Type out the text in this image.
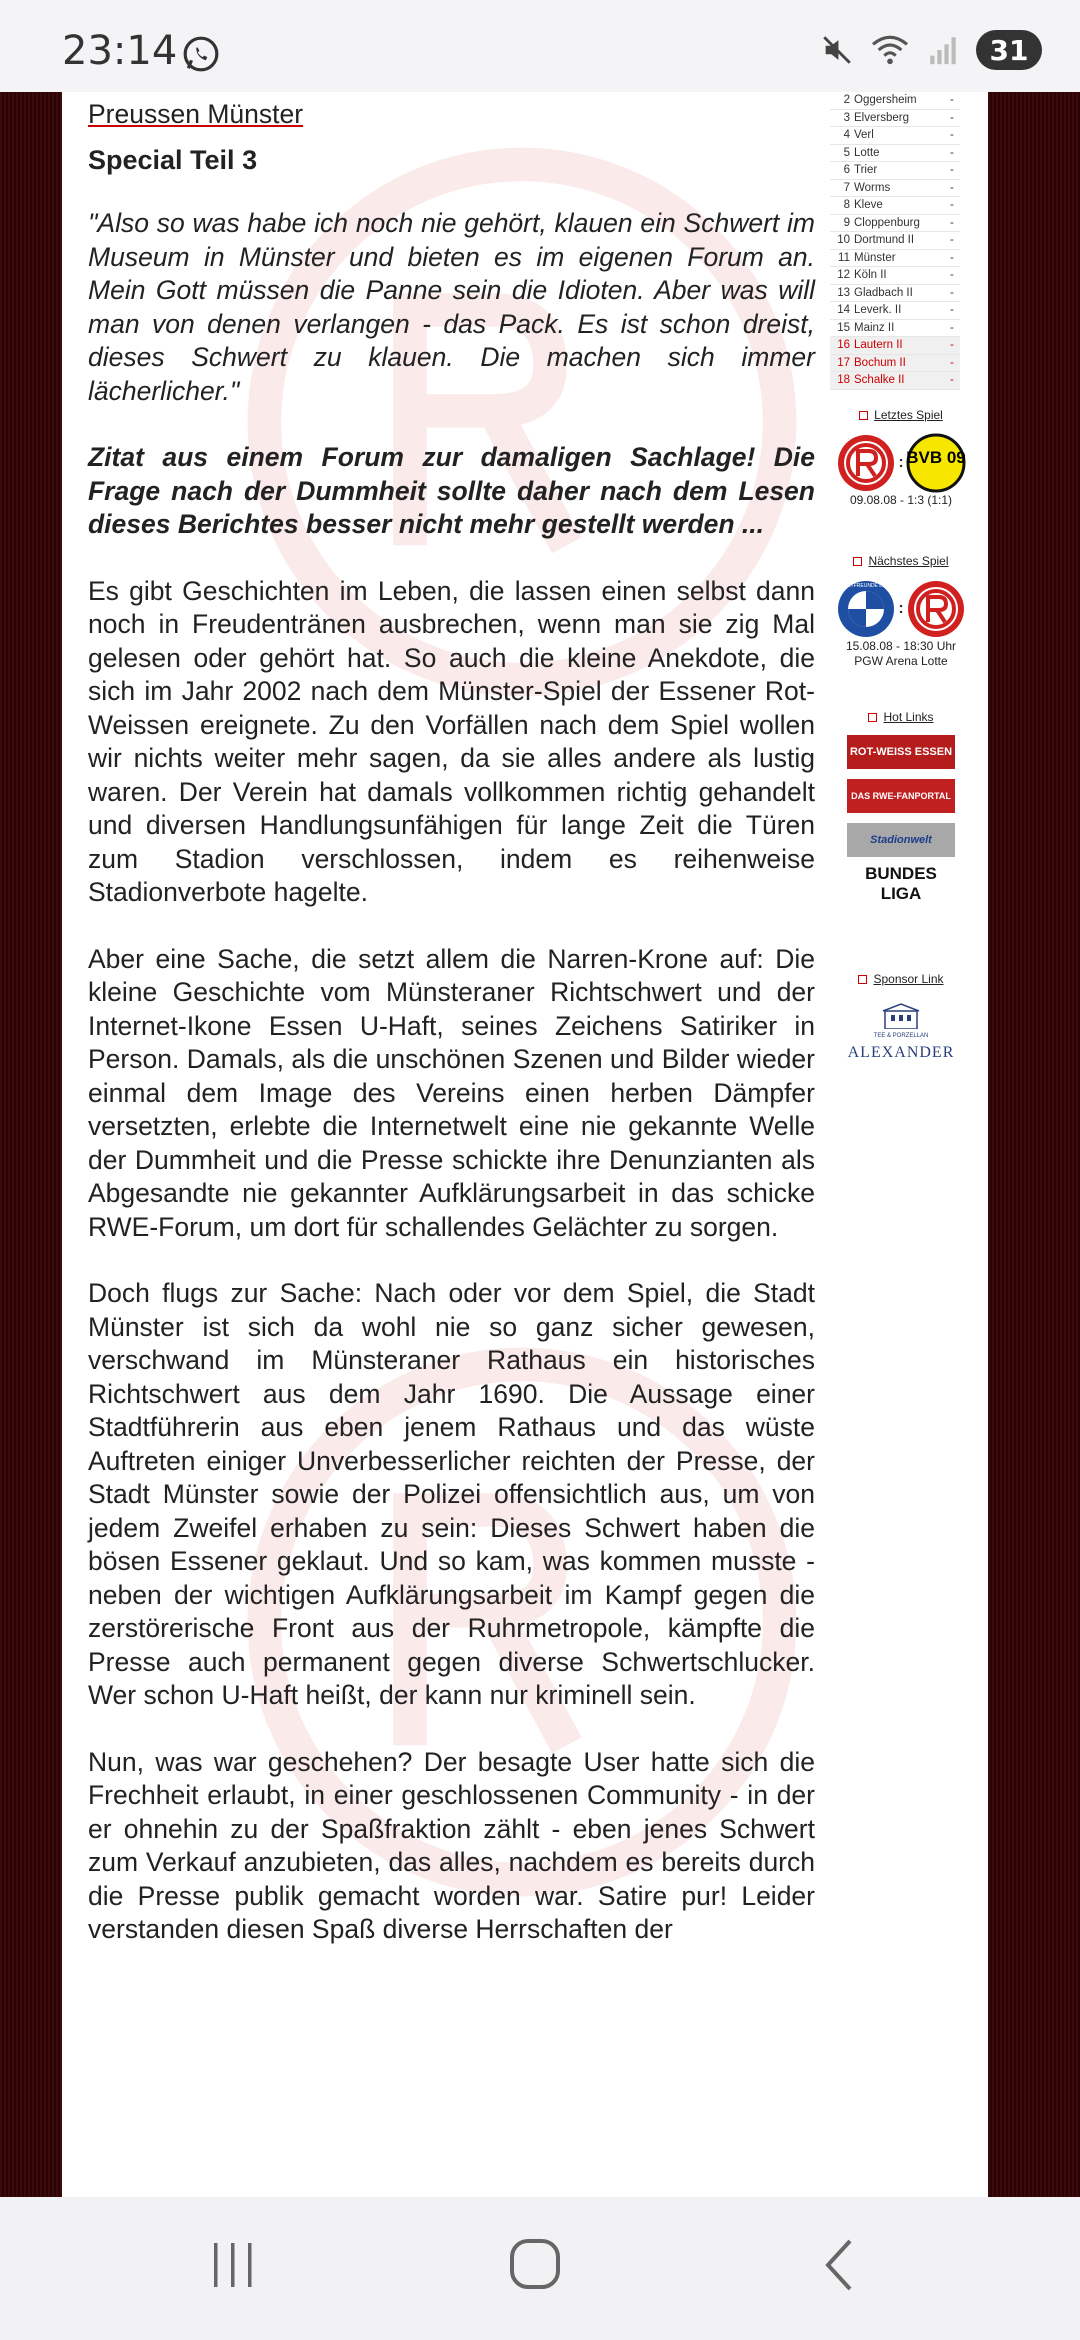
23:14	31
Preussen Münster

Special Teil 3

"Also so was habe ich noch nie gehört, klauen ein Schwert im Museum in Münster und bieten es im eigenen Forum an. Mein Gott müssen die Panne sein die Idioten. Aber was will man von denen verlangen - das Pack. Es ist schon dreist, dieses Schwert zu klauen. Die machen sich immer lächerlicher."

Zitat aus einem Forum zur damaligen Sachlage! Die Frage nach der Dummheit sollte daher nach dem Lesen dieses Berichtes besser nicht mehr gestellt werden ...

Es gibt Geschichten im Leben, die lassen einen selbst dann noch in Freudentränen ausbrechen, wenn man sie zig Mal gelesen oder gehört hat. So auch die kleine Anekdote, die sich im Jahr 2002 nach dem Münster-Spiel der Essener Rot-Weissen ereignete. Zu den Vorfällen nach dem Spiel wollen wir nichts weiter mehr sagen, da sie alles andere als lustig waren. Der Verein hat damals vollkommen richtig gehandelt und diversen Handlungsunfähigen für lange Zeit die Türen zum Stadion verschlossen, indem es reihenweise Stadionverbote hagelte.

Aber eine Sache, die setzt allem die Narren-Krone auf: Die kleine Geschichte vom Münsteraner Richtschwert und der Internet-Ikone Essen U-Haft, seines Zeichens Satiriker in Person. Damals, als die unschönen Szenen und Bilder wieder einmal dem Image des Vereins einen herben Dämpfer versetzten, erlebte die Internetwelt eine nie gekannte Welle der Dummheit und die Presse schickte ihre Denunzianten als Abgesandte nie gekannter Aufklärungsarbeit in das schicke RWE-Forum, um dort für schallendes Gelächter zu sorgen.

Doch flugs zur Sache: Nach oder vor dem Spiel, die Stadt Münster ist sich da wohl nie so ganz sicher gewesen, verschwand im Münsteraner Rathaus ein historisches Richtschwert aus dem Jahr 1690. Die Aussage einer Stadtführerin aus eben jenem Rathaus und das wüste Auftreten einiger Unverbesserlicher reichten der Presse, der Stadt Münster sowie der Polizei offensichtlich aus, um von jedem Zweifel erhaben zu sein: Dieses Schwert haben die bösen Essener geklaut. Und so kam, was kommen musste - neben der wichtigen Aufklärungsarbeit im Kampf gegen die zerstörerische Front aus der Ruhrmetropole, kämpfte die Presse auch permanent gegen diverse Schwertschlucker. Wer schon U-Haft heißt, der kann nur kriminell sein.

Nun, was war geschehen? Der besagte User hatte sich die Frechheit erlaubt, in einer geschlossenen Community - in der er ohnehin zu der Spaßfraktion zählt - eben jenes Schwert zum Verkauf anzubieten, das alles, nachdem es bereits durch die Presse publik gemacht worden war. Satire pur! Leider verstanden diesen Spaß diverse Herrschaften der

2 Oggersheim	-
3 Elversberg	-
4 Verl	-
5 Lotte	-
6 Trier	-
7 Worms	-
8 Kleve	-
9 Cloppenburg	-
10 Dortmund II	-
11 Münster	-
12 Köln II	-
13 Gladbach II	-
14 Leverk. II	-
15 Mainz II	-
16 Lautern II	-
17 Bochum II	-
18 Schalke II	-
Letztes Spiel
: BVB 09
09.08.08 - 1:3 (1:1)
Nächstes Spiel
SPORTFREUNDE LOTTE
:
15.08.08 - 18:30 Uhr
PGW Arena Lotte
Hot Links
ROT-WEISS ESSEN
DAS RWE-FANPORTAL
Stadionwelt
BUNDES LIGA
Sponsor Link
TEE & PORZELLAN
ALEXANDER
